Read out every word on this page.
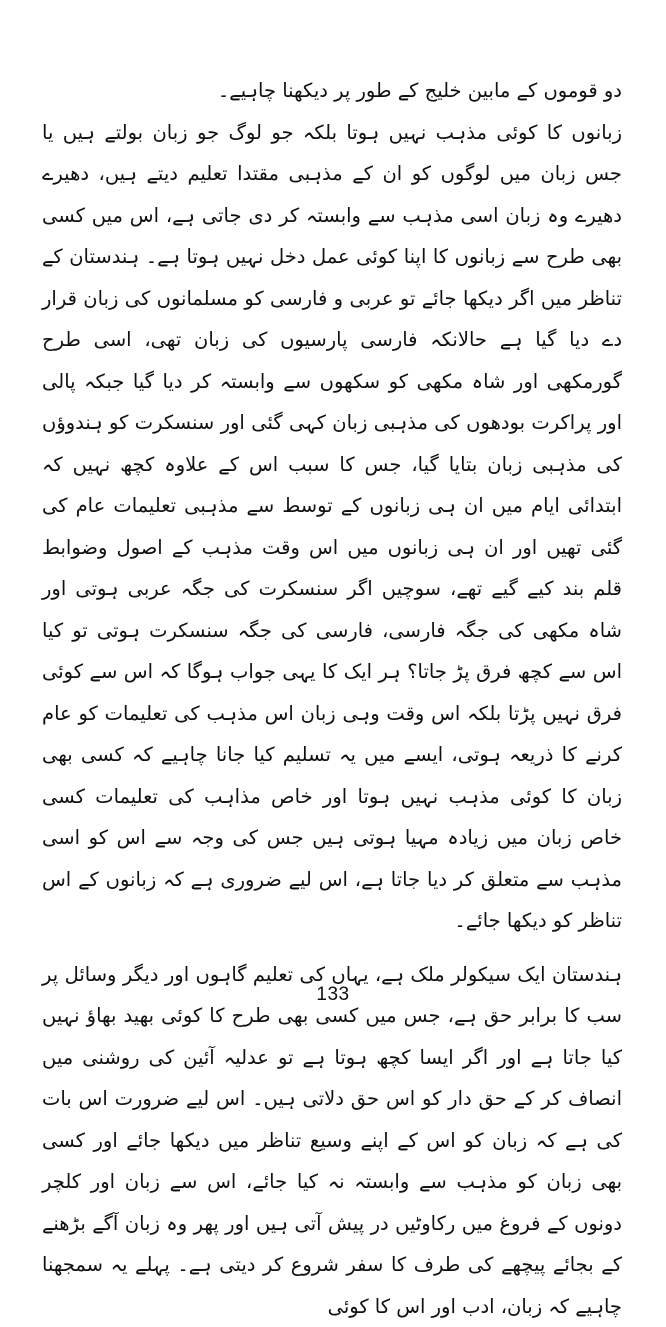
دو قوموں کے مابین خلیج کے طور پر دیکھنا چاہیے۔

زبانوں کا کوئی مذہب نہیں ہوتا بلکہ جو لوگ جو زبان بولتے ہیں یا جس زبان میں لوگوں کو ان کے مذہبی مقتدا تعلیم دیتے ہیں، دھیرے دھیرے وہ زبان اسی مذہب سے وابستہ کر دی جاتی ہے، اس میں کسی بھی طرح سے زبانوں کا اپنا کوئی عمل دخل نہیں ہوتا ہے۔ ہندستان کے تناظر میں اگر دیکھا جائے تو عربی و فارسی کو مسلمانوں کی زبان قرار دے دیا گیا ہے حالانکہ فارسی پارسیوں کی زبان تھی، اسی طرح گورمکھی اور شاہ مکھی کو سکھوں سے وابستہ کر دیا گیا جبکہ پالی اور پراکرت بودھوں کی مذہبی زبان کہی گئی اور سنسکرت کو ہندوؤں کی مذہبی زبان بتایا گیا، جس کا سبب اس کے علاوہ کچھ نہیں کہ ابتدائی ایام میں ان ہی زبانوں کے توسط سے مذہبی تعلیمات عام کی گئی تھیں اور ان ہی زبانوں میں اس وقت مذہب کے اصول وضوابط قلم بند کیے گیے تھے، سوچیں اگر سنسکرت کی جگہ عربی ہوتی اور شاہ مکھی کی جگہ فارسی، فارسی کی جگہ سنسکرت ہوتی تو کیا اس سے کچھ فرق پڑ جاتا؟ ہر ایک کا یہی جواب ہوگا کہ اس سے کوئی فرق نہیں پڑتا بلکہ اس وقت وہی زبان اس مذہب کی تعلیمات کو عام کرنے کا ذریعہ ہوتی، ایسے میں یہ تسلیم کیا جانا چاہیے کہ کسی بھی زبان کا کوئی مذہب نہیں ہوتا اور خاص مذاہب کی تعلیمات کسی خاص زبان میں زیادہ مہیا ہوتی ہیں جس کی وجہ سے اس کو اسی مذہب سے متعلق کر دیا جاتا ہے، اس لیے ضروری ہے کہ زبانوں کے اس تناظر کو دیکھا جائے۔

ہندستان ایک سیکولر ملک ہے، یہاں کی تعلیم گاہوں اور دیگر وسائل پر سب کا برابر حق ہے، جس میں کسی بھی طرح کا کوئی بھید بھاؤ نہیں کیا جاتا ہے اور اگر ایسا کچھ ہوتا ہے تو عدلیہ آئین کی روشنی میں انصاف کر کے حق دار کو اس حق دلاتی ہیں۔ اس لیے ضرورت اس بات کی ہے کہ زبان کو اس کے اپنے وسیع تناظر میں دیکھا جائے اور کسی بھی زبان کو مذہب سے وابستہ نہ کیا جائے، اس سے زبان اور کلچر دونوں کے فروغ میں رکاوٹیں در پیش آتی ہیں اور پھر وہ زبان آگے بڑھنے کے بجائے پیچھے کی طرف کا سفر شروع کر دیتی ہے۔ پہلے یہ سمجھنا چاہیے کہ زبان، ادب اور اس کا کوئی

133
